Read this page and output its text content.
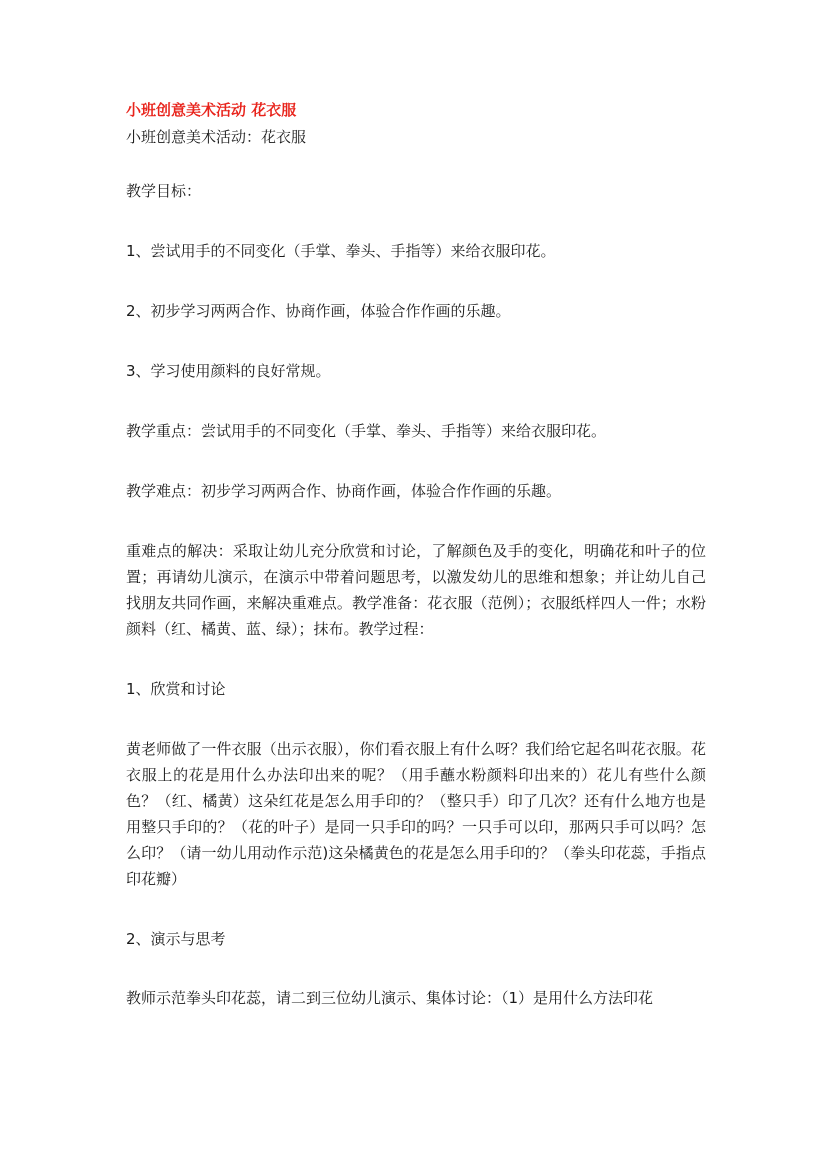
小班创意美术活动 花衣服

小班创意美术活动：花衣服

教学目标：

1、尝试用手的不同变化（手掌、拳头、手指等）来给衣服印花。

2、初步学习两两合作、协商作画，体验合作作画的乐趣。

3、学习使用颜料的良好常规。

教学重点：尝试用手的不同变化（手掌、拳头、手指等）来给衣服印花。

教学难点：初步学习两两合作、协商作画，体验合作作画的乐趣。

重难点的解决：采取让幼儿充分欣赏和讨论，了解颜色及手的变化，明确花和叶子的位置；再请幼儿演示，在演示中带着问题思考，以激发幼儿的思维和想象；并让幼儿自己找朋友共同作画，来解决重难点。教学准备：花衣服（范例）；衣服纸样四人一件；水粉颜料（红、橘黄、蓝、绿）；抹布。教学过程：

1、欣赏和讨论

黄老师做了一件衣服（出示衣服），你们看衣服上有什么呀？我们给它起名叫花衣服。花衣服上的花是用什么办法印出来的呢？（用手蘸水粉颜料印出来的）花儿有些什么颜色？（红、橘黄）这朵红花是怎么用手印的？（整只手）印了几次？还有什么地方也是用整只手印的？（花的叶子）是同一只手印的吗？一只手可以印，那两只手可以吗？怎么印？（请一幼儿用动作示范)这朵橘黄色的花是怎么用手印的？（拳头印花蕊，手指点印花瓣）

2、演示与思考

教师示范拳头印花蕊，请二到三位幼儿演示、集体讨论：（1）是用什么方法印花
